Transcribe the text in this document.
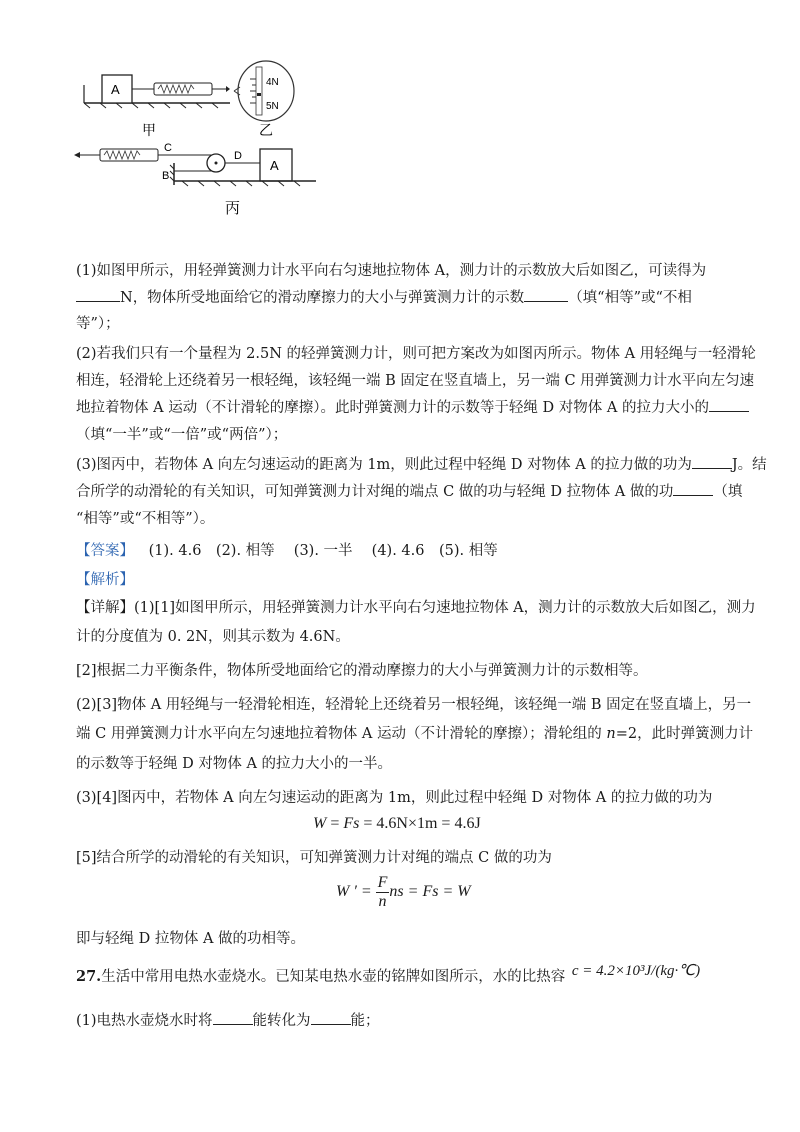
A	4N
5N
甲	乙
C
B
D
A
丙
(1)如图甲所示，用轻弹簧测力计水平向右匀速地拉物体 A，测力计的示数放大后如图乙，可读得为
N，物体所受地面给它的滑动摩擦力的大小与弹簧测力计的示数	（填“相等”或“不相
等”）；
(2)若我们只有一个量程为 2.5N 的轻弹簧测力计，则可把方案改为如图丙所示。物体 A 用轻绳与一轻滑轮
相连，轻滑轮上还绕着另一根轻绳，该轻绳一端 B 固定在竖直墙上，另一端 C 用弹簧测力计水平向左匀速
地拉着物体 A 运动（不计滑轮的摩擦）。此时弹簧测力计的示数等于轻绳 D 对物体 A 的拉力大小的
（填“一半”或“一倍”或“两倍”）；
(3)图丙中，若物体 A 向左匀速运动的距离为 1m，则此过程中轻绳 D 对物体 A 的拉力做的功为	J。结
合所学的动滑轮的有关知识，可知弹簧测力计对绳的端点 C 做的功与轻绳 D 拉物体 A 做的功	（填
“相等”或“不相等”）。
【答案】 (1). 4.6　(2). 相等　 (3). 一半　 (4). 4.6　(5). 相等
【解析】
【详解】(1)[1]如图甲所示，用轻弹簧测力计水平向右匀速地拉物体 A，测力计的示数放大后如图乙，测力
计的分度值为 0. 2N，则其示数为 4.6N。
[2]根据二力平衡条件，物体所受地面给它的滑动摩擦力的大小与弹簧测力计的示数相等。
(2)[3]物体 A 用轻绳与一轻滑轮相连，轻滑轮上还绕着另一根轻绳，该轻绳一端 B 固定在竖直墙上，另一
端 C 用弹簧测力计水平向左匀速地拉着物体 A 运动（不计滑轮的摩擦）；滑轮组的 n=2，此时弹簧测力计
的示数等于轻绳 D 对物体 A 的拉力大小的一半。
(3)[4]图丙中，若物体 A 向左匀速运动的距离为 1m，则此过程中轻绳 D 对物体 A 的拉力做的功为
W = Fs = 4.6N×1m = 4.6J
[5]结合所学的动滑轮的有关知识，可知弹簧测力计对绳的端点 C 做的功为
W ′ = $\frac{F}{n}$ ns = Fs = W
即与轻绳 D 拉物体 A 做的功相等。
27.生活中常用电热水壶烧水。已知某电热水壶的铭牌如图所示，水的比热容 c = 4.2×10³J/(kg·℃)
(1)电热水壶烧水时将	能转化为	能；
